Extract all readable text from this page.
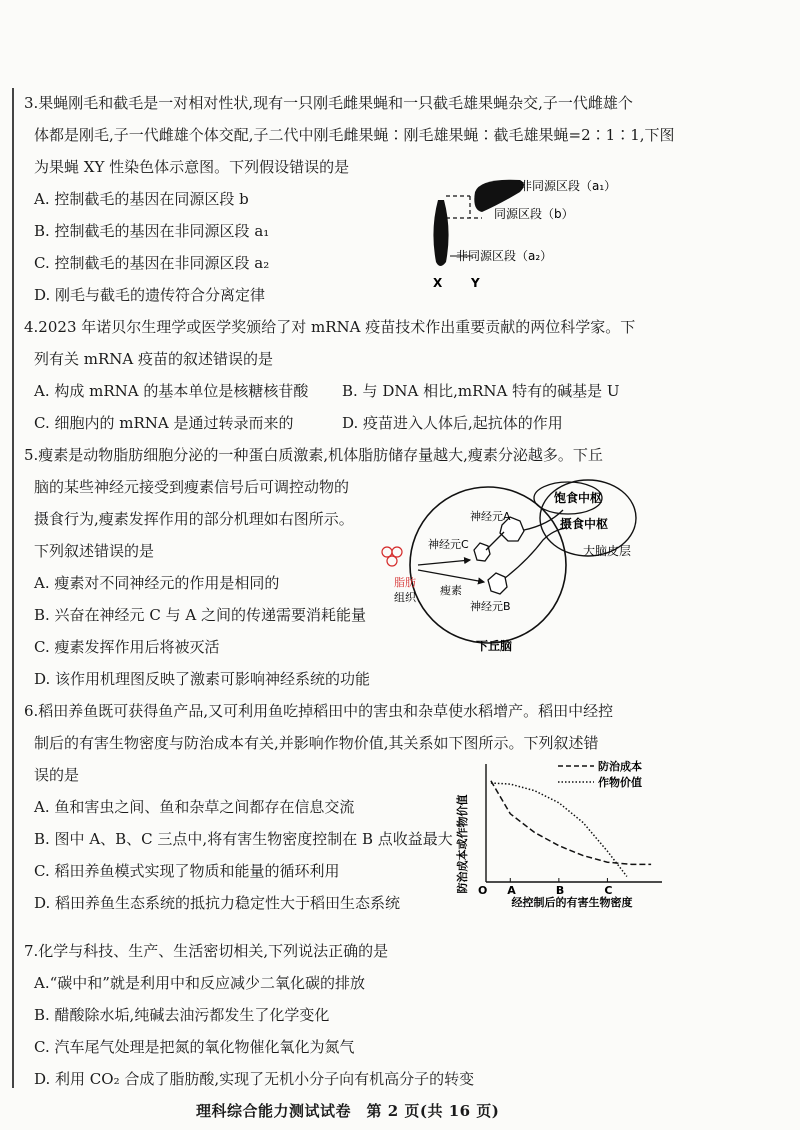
3.果蝇刚毛和截毛是一对相对性状,现有一只刚毛雌果蝇和一只截毛雄果蝇杂交,子一代雌雄个
体都是刚毛,子一代雌雄个体交配,子二代中刚毛雌果蝇∶刚毛雄果蝇∶截毛雄果蝇=2∶1∶1,下图
为果蝇 XY 性染色体示意图。下列假设错误的是
A. 控制截毛的基因在同源区段 b
B. 控制截毛的基因在非同源区段 a₁
C. 控制截毛的基因在非同源区段 a₂
D. 刚毛与截毛的遗传符合分离定律
非同源区段（a₁）
同源区段（b）
非同源区段（a₂）
X Y
4.2023 年诺贝尔生理学或医学奖颁给了对 mRNA 疫苗技术作出重要贡献的两位科学家。下
列有关 mRNA 疫苗的叙述错误的是
A. 构成 mRNA 的基本单位是核糖核苷酸 B. 与 DNA 相比,mRNA 特有的碱基是 U
C. 细胞内的 mRNA 是通过转录而来的	D. 疫苗进入人体后,起抗体的作用
5.瘦素是动物脂肪细胞分泌的一种蛋白质激素,机体脂肪储存量越大,瘦素分泌越多。下丘
脑的某些神经元接受到瘦素信号后可调控动物的
摄食行为,瘦素发挥作用的部分机理如右图所示。
下列叙述错误的是
A. 瘦素对不同神经元的作用是相同的
B. 兴奋在神经元 C 与 A 之间的传递需要消耗能量
C. 瘦素发挥作用后将被灭活
D. 该作用机理图反映了激素可影响神经系统的功能
饱食中枢
摄食中枢
大脑皮层
神经元A
神经元C
神经元B
瘦素
脂肪
组织
下丘脑
6.稻田养鱼既可获得鱼产品,又可利用鱼吃掉稻田中的害虫和杂草使水稻增产。稻田中经控
制后的有害生物密度与防治成本有关,并影响作物价值,其关系如下图所示。下列叙述错
误的是
A. 鱼和害虫之间、鱼和杂草之间都存在信息交流
B. 图中 A、B、C 三点中,将有害生物密度控制在 B 点收益最大
C. 稻田养鱼模式实现了物质和能量的循环利用
D. 稻田养鱼生态系统的抵抗力稳定性大于稻田生态系统
O A	B	C
防治成本
作物价值
防治成本或作物价值
经控制后的有害生物密度
7.化学与科技、生产、生活密切相关,下列说法正确的是
A.“碳中和”就是利用中和反应减少二氧化碳的排放
B. 醋酸除水垢,纯碱去油污都发生了化学变化
C. 汽车尾气处理是把氮的氧化物催化氧化为氮气
D. 利用 CO₂ 合成了脂肪酸,实现了无机小分子向有机高分子的转变
理科综合能力测试试卷　第 2 页(共 16 页)
